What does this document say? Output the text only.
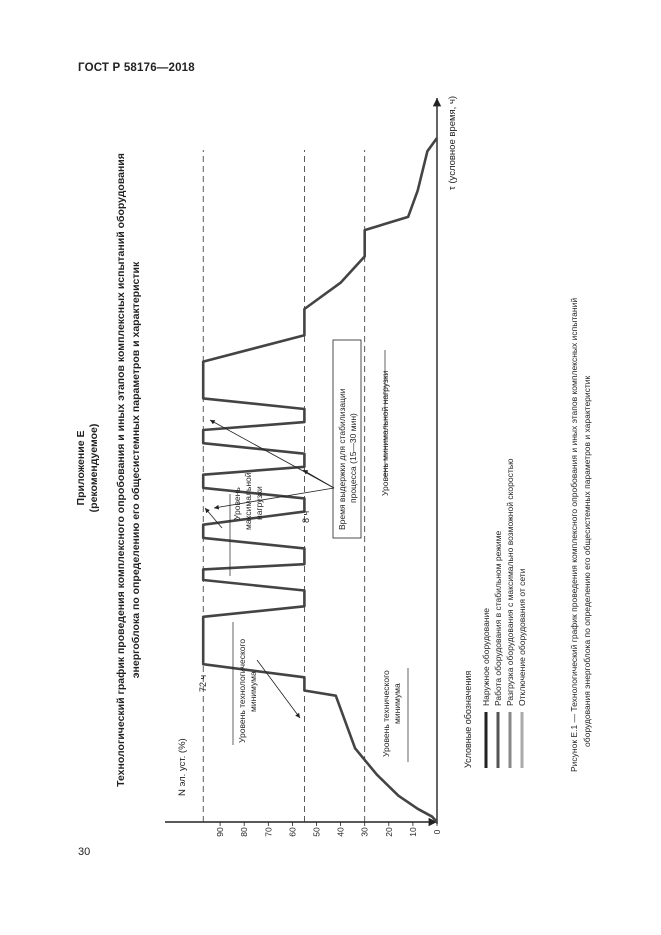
ГОСТ Р 58176—2018
30
Приложение Е (рекомендуемое) Технологический график проведения комплексного опробования и иных этапов комплексных испытаний оборудования энергоблока по определению его общесистемных параметров и характеристик
N эл. уст. (%)
τ (условное время, ч)
0
10
20
30
40
50
60
70
80
90
72 ч
8 ч
Уровень технологического минимума
Уровень максимальной нагрузки	Время выдержки для стабилизации процесса (15—30 мин)
Уровень технического минимума
Уровень минимальной нагрузки
Условные обозначения
Наружное оборудование Работа оборудования в стабильном режиме Разгрузка оборудования с максимально возможной скоростью Отключение оборудования от сети	Рисунок Е.1 — Технологический график проведения комплексного опробования и иных этапов комплексных испытаний оборудования энергоблока по определению его общесистемных параметров и характеристик
